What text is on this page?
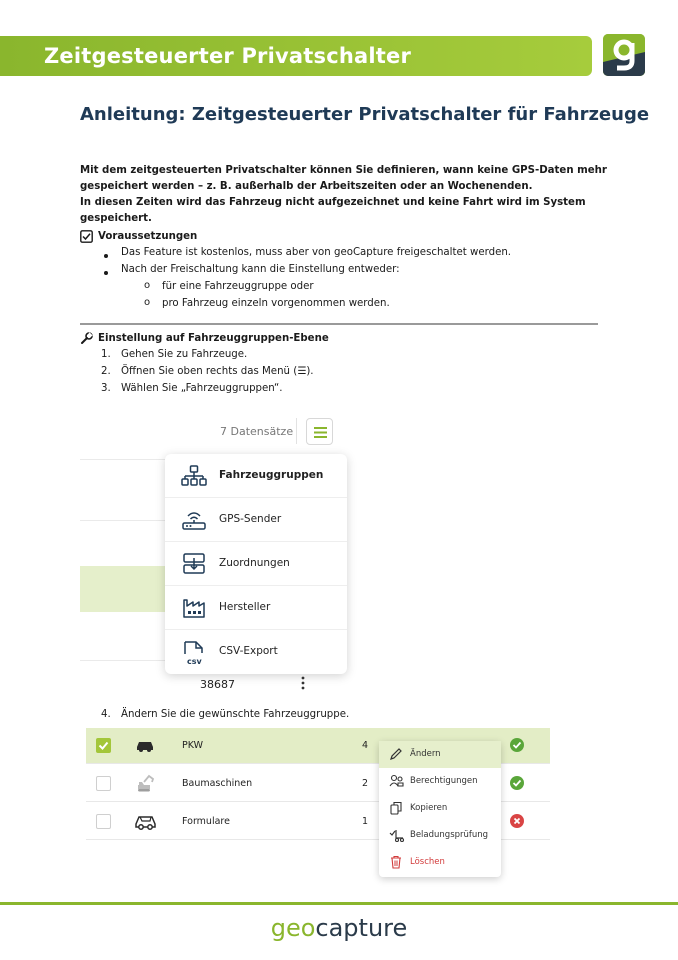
Zeitgesteuerter Privatschalter
Anleitung: Zeitgesteuerter Privatschalter für Fahrzeuge
Mit dem zeitgesteuerten Privatschalter können Sie definieren, wann keine GPS-Daten mehr
gespeichert werden – z. B. außerhalb der Arbeitszeiten oder an Wochenenden.
In diesen Zeiten wird das Fahrzeug nicht aufgezeichnet und keine Fahrt wird im System gespeichert.
Voraussetzungen
Das Feature ist kostenlos, muss aber von geoCapture freigeschaltet werden.
Nach der Freischaltung kann die Einstellung entweder:
o für eine Fahrzeuggruppe oder
o pro Fahrzeug einzeln vorgenommen werden.
Einstellung auf Fahrzeuggruppen-Ebene
1. Gehen Sie zu Fahrzeuge.
2. Öffnen Sie oben rechts das Menü (☰).
3. Wählen Sie „Fahrzeuggruppen“.
7 Datensätze
Fahrzeuggruppen
GPS-Sender
Zuordnungen
Hersteller
csv
CSV-Export
38687
4. Ändern Sie die gewünschte Fahrzeuggruppe.
PKW	4
Baumaschinen	2
Formulare	1
Ändern
Berechtigungen
Kopieren
Beladungsprüfung
Löschen
geocapture
